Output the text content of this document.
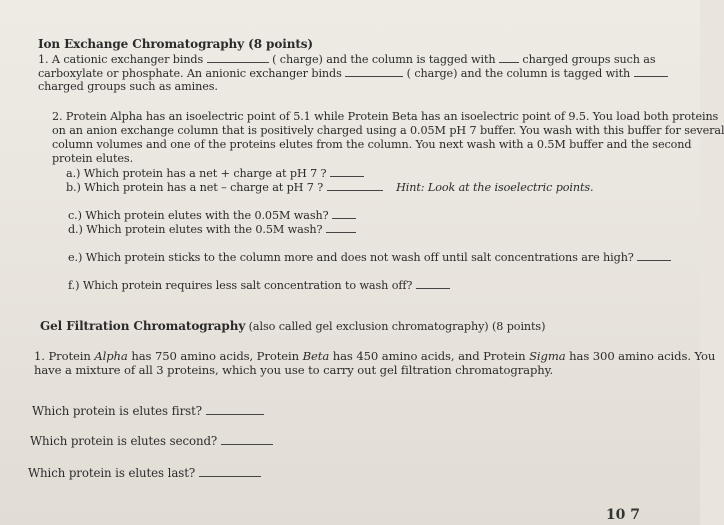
Ion Exchange Chromatography (8 points)
1. A cationic exchanger binds	( charge) and the column is tagged with charged groups such as
carboxylate or phosphate. An anionic exchanger binds	( charge) and the column is tagged with
charged groups such as amines.
2. Protein Alpha has an isoelectric point of 5.1 while Protein Beta has an isoelectric point of 9.5. You load both proteins
on an anion exchange column that is positively charged using a 0.05M pH 7 buffer. You wash with this buffer for several
column volumes and one of the proteins elutes from the column. You next wash with a 0.5M buffer and the second
protein elutes.
a.) Which protein has a net + charge at pH 7 ?
b.) Which protein has a net – charge at pH 7 ?	Hint: Look at the isoelectric points.
c.) Which protein elutes with the 0.05M wash?
d.) Which protein elutes with the 0.5M wash?
e.) Which protein sticks to the column more and does not wash off until salt concentrations are high?
f.) Which protein requires less salt concentration to wash off?
Gel Filtration Chromatography (also called gel exclusion chromatography) (8 points)
1. Protein Alpha has 750 amino acids, Protein Beta has 450 amino acids, and Protein Sigma has 300 amino acids. You
have a mixture of all 3 proteins, which you use to carry out gel filtration chromatography.
Which protein is elutes first?
Which protein is elutes second?
Which protein is elutes last?
10 7
